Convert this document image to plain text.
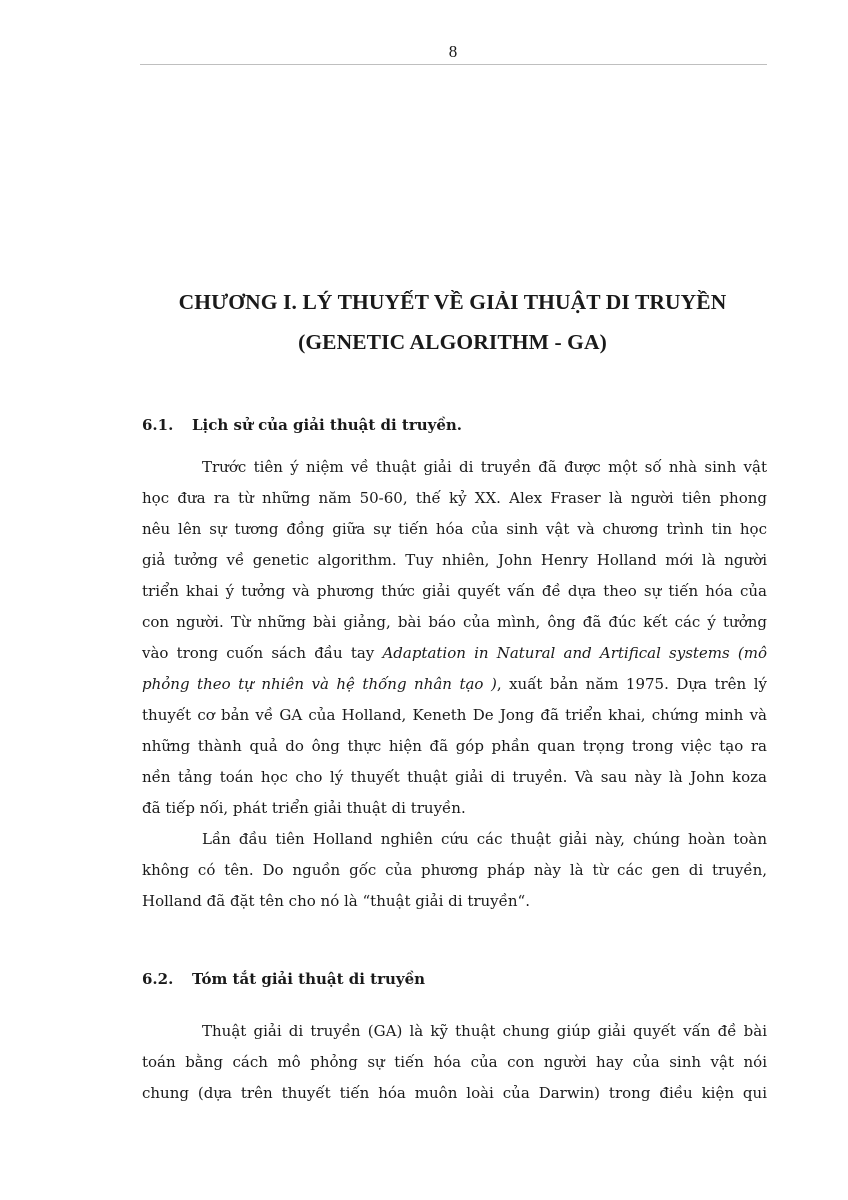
8
CHƯƠNG I. LÝ THUYẾT VỀ GIẢI THUẬT DI TRUYỀN
(GENETIC ALGORITHM - GA)
6.1. Lịch sử của giải thuật di truyền.
Trước tiên ý niệm về thuật giải di truyền đã được một số nhà sinh vật
học đưa ra từ những năm 50-60, thế kỷ XX. Alex Fraser là người tiên phong
nêu lên sự tương đồng giữa sự tiến hóa của sinh vật và chương trình tin học
giả tưởng về genetic algorithm. Tuy nhiên, John Henry Holland mới là người
triển khai ý tưởng và phương thức giải quyết vấn đề dựa theo sự tiến hóa của
con người. Từ những bài giảng, bài báo của mình, ông đã đúc kết các ý tưởng
vào trong cuốn sách đầu tay Adaptation in Natural and Artifical systems (mô
phỏng theo tự nhiên và hệ thống nhân tạo ), xuất bản năm 1975. Dựa trên lý
thuyết cơ bản về GA của Holland, Keneth De Jong đã triển khai, chứng minh và
những thành quả do ông thực hiện đã góp phần quan trọng trong việc tạo ra
nền tảng toán học cho lý thuyết thuật giải di truyền. Và sau này là John koza
đã tiếp nối, phát triển giải thuật di truyền.
Lần đầu tiên Holland nghiên cứu các thuật giải này, chúng hoàn toàn
không có tên. Do nguồn gốc của phương pháp này là từ các gen di truyền,
Holland đã đặt tên cho nó là “thuật giải di truyền“.
6.2. Tóm tắt giải thuật di truyền
Thuật giải di truyền (GA) là kỹ thuật chung giúp giải quyết vấn đề bài
toán bằng cách mô phỏng sự tiến hóa của con người hay của sinh vật nói
chung (dựa trên thuyết tiến hóa muôn loài của Darwin) trong điều kiện qui
